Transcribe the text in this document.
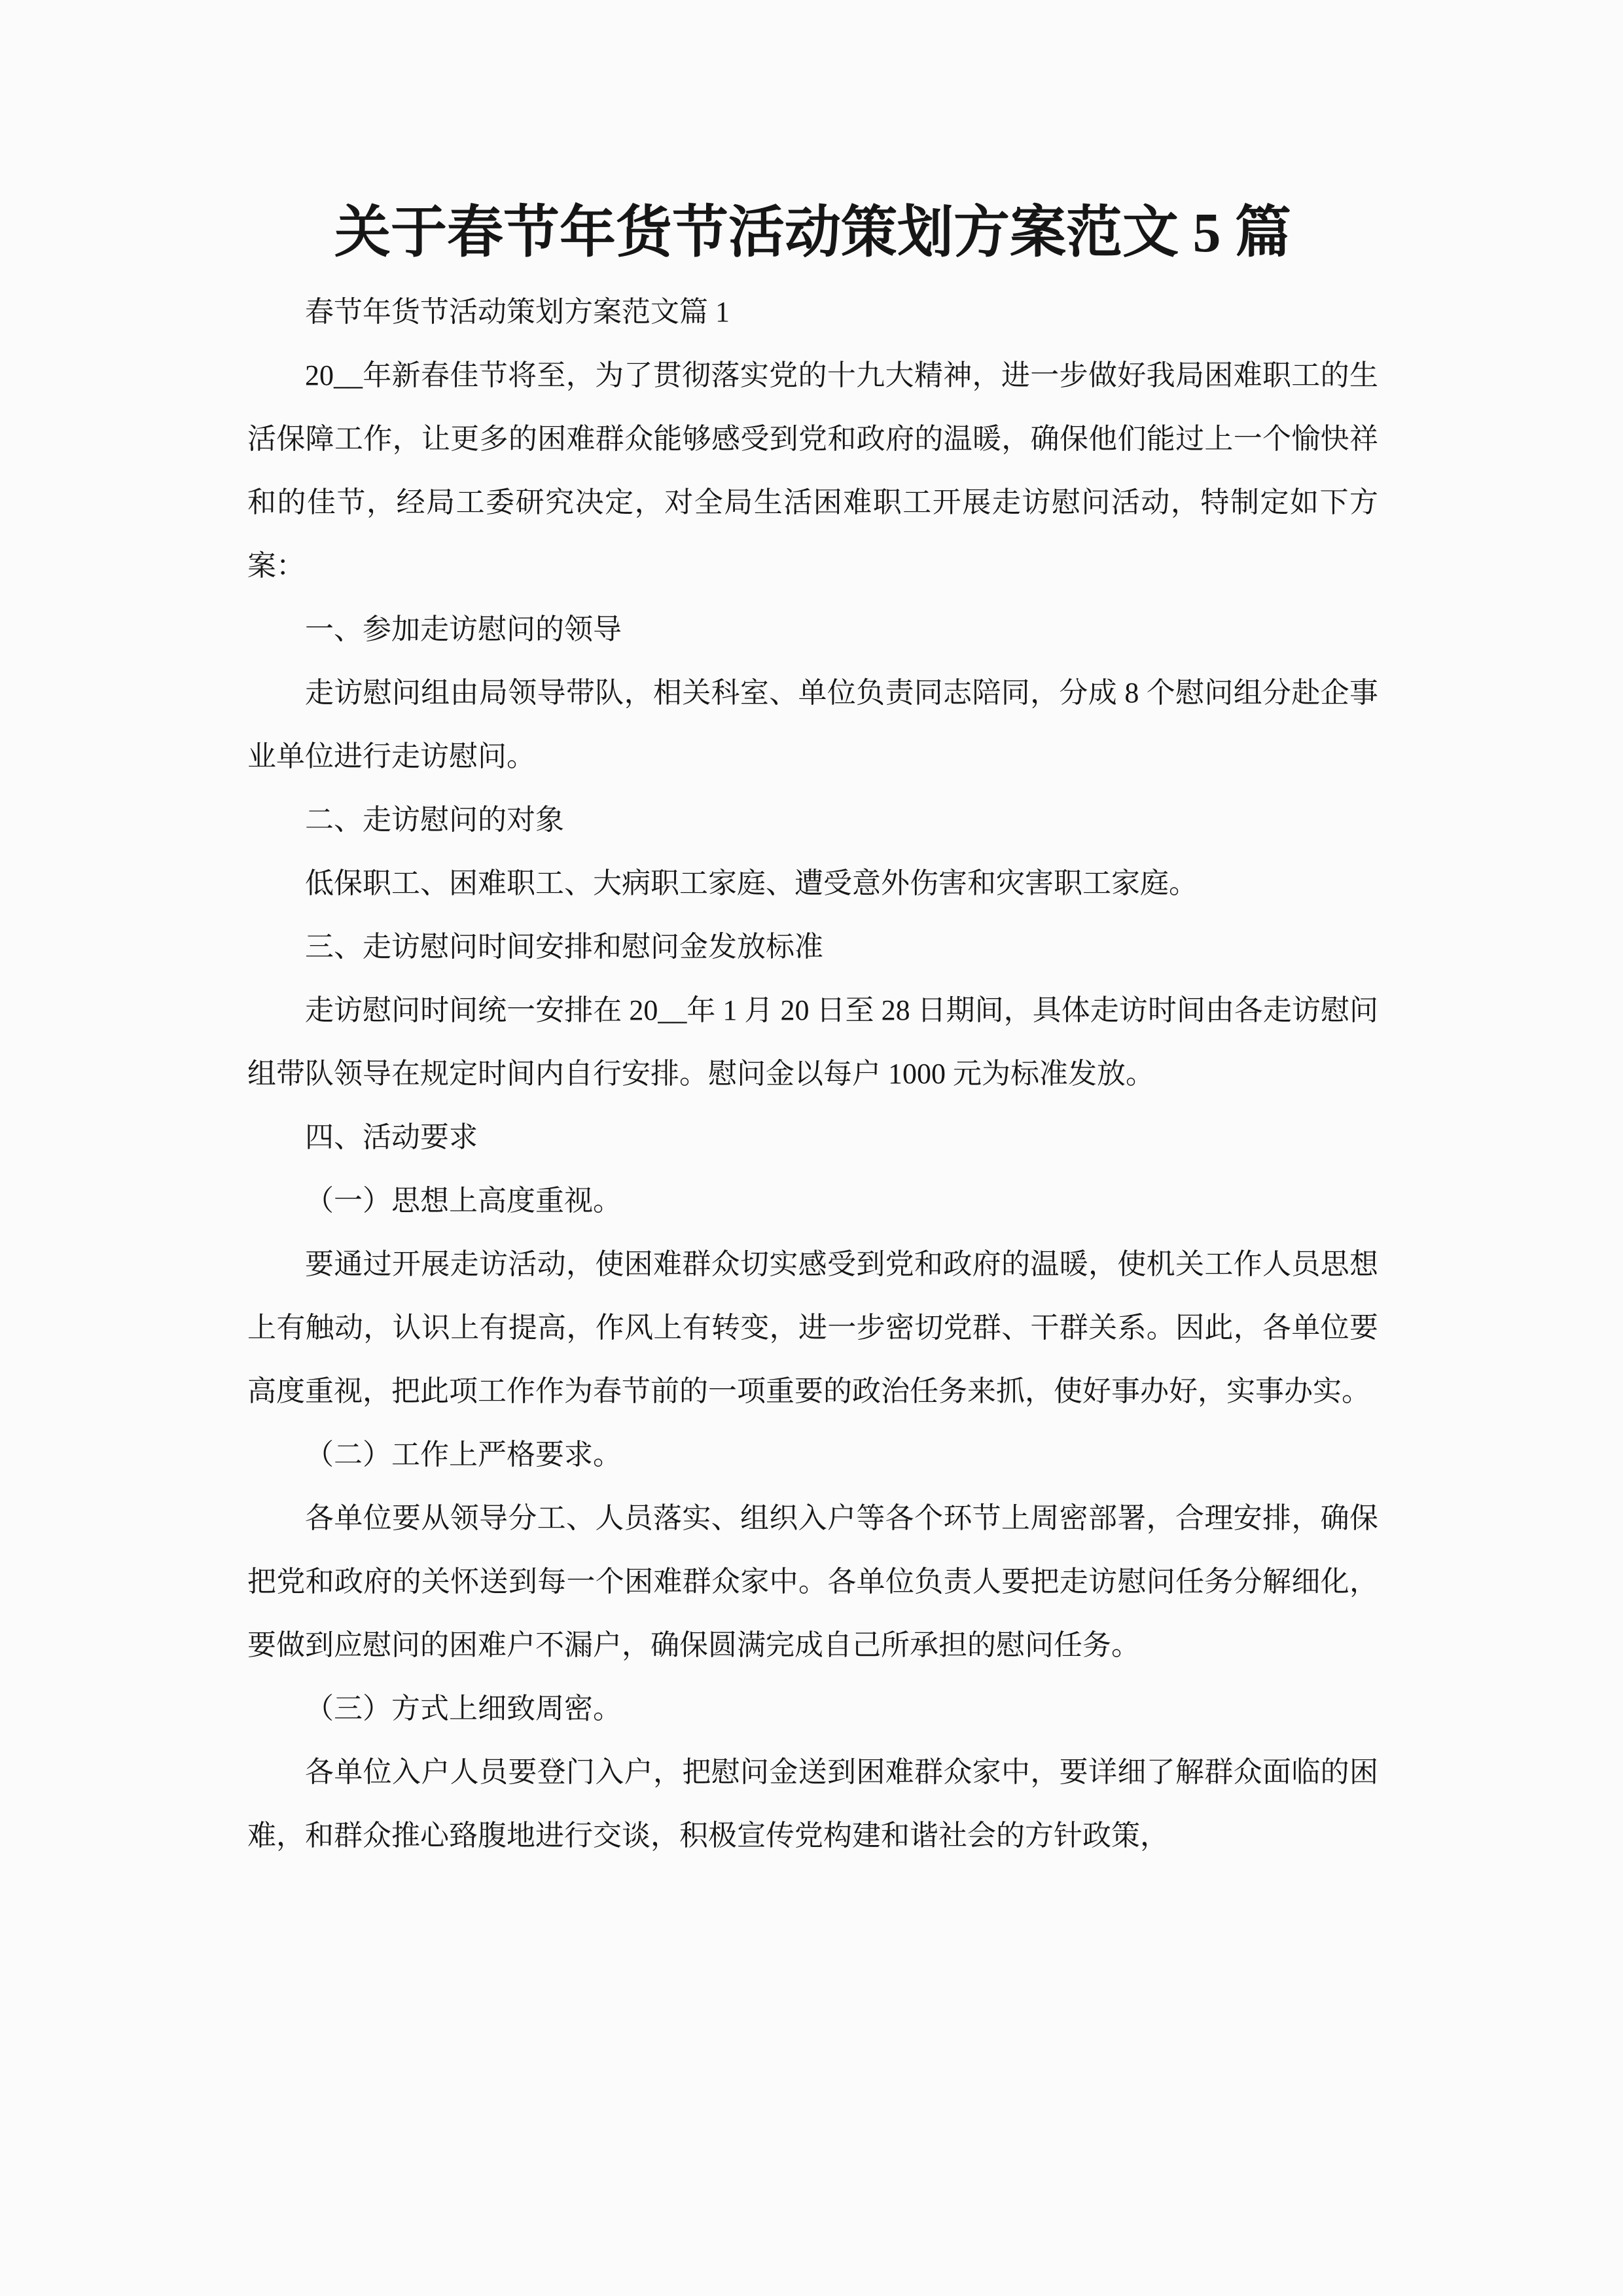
关于春节年货节活动策划方案范文 5 篇

春节年货节活动策划方案范文篇 1

20__年新春佳节将至，为了贯彻落实党的十九大精神，进一步做好我局困难职工的生活保障工作，让更多的困难群众能够感受到党和政府的温暖，确保他们能过上一个愉快祥和的佳节，经局工委研究决定，对全局生活困难职工开展走访慰问活动，特制定如下方案：

一、参加走访慰问的领导

走访慰问组由局领导带队，相关科室、单位负责同志陪同，分成 8 个慰问组分赴企事业单位进行走访慰问。

二、走访慰问的对象

低保职工、困难职工、大病职工家庭、遭受意外伤害和灾害职工家庭。

三、走访慰问时间安排和慰问金发放标准

走访慰问时间统一安排在 20__年 1 月 20 日至 28 日期间，具体走访时间由各走访慰问组带队领导在规定时间内自行安排。慰问金以每户 1000 元为标准发放。

四、活动要求

（一）思想上高度重视。

要通过开展走访活动，使困难群众切实感受到党和政府的温暖，使机关工作人员思想上有触动，认识上有提高，作风上有转变，进一步密切党群、干群关系。因此，各单位要高度重视，把此项工作作为春节前的一项重要的政治任务来抓，使好事办好，实事办实。

（二）工作上严格要求。

各单位要从领导分工、人员落实、组织入户等各个环节上周密部署，合理安排，确保把党和政府的关怀送到每一个困难群众家中。各单位负责人要把走访慰问任务分解细化，要做到应慰问的困难户不漏户，确保圆满完成自己所承担的慰问任务。

（三）方式上细致周密。

各单位入户人员要登门入户，把慰问金送到困难群众家中，要详细了解群众面临的困难，和群众推心臵腹地进行交谈，积极宣传党构建和谐社会的方针政策，
